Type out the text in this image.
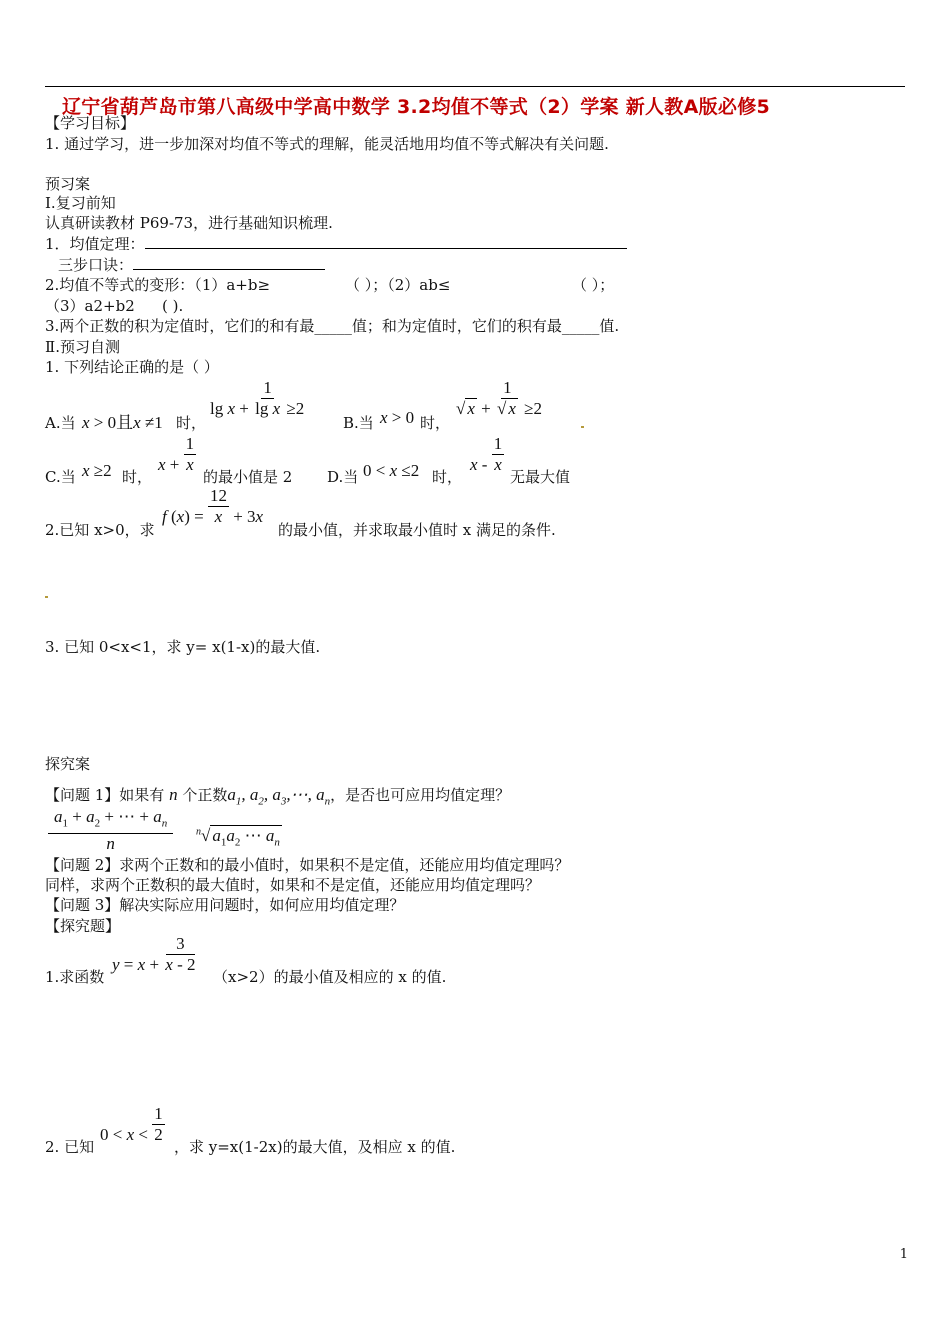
辽宁省葫芦岛市第八高级中学高中数学 3.2均值不等式（2）学案 新人教A版必修5
【学习目标】
1. 通过学习，进一步加深对均值不等式的理解，能灵活地用均值不等式解决有关问题.
预习案
Ⅰ.复习前知
认真研读教材 P69-73，进行基础知识梳理.
1．均值定理：
三步口诀：
2.均值不等式的变形：（1）a+b≥	（ ）；（2）ab≤	（ ）；
（3）a2+b2 ( ).
3.两个正数的积为定值时，它们的和有最_____值；和为定值时，它们的积有最_____值.
Ⅱ.预习自测
1. 下列结论正确的是（ ）
A.当 x > 0且x ≠1 时，
$\lg x + \frac{1}{\text{lg x}} \ge 2$
B.当 x > 0 时，
√ $x + \frac{1}{√ x} \ge 2$
C.当 x ≥2 时，
$x + \frac{1}{x}$
的最小值是 2 D.当 0 < x ≤2 时，
x - $\frac{1}{x}$
无最大值
2.已知 x>0，求
f $(x) = \frac{12}{x} + 3x$
的最小值，并求取最小值时 x 满足的条件.
3. 已知 0<x<1，求 y= x(1-x)的最大值.
探究案
【问题 1】如果有 n 个正数$a_1$, $a_2$, $a_3,\cdots$, $a_n$，是否也可应用均值定理？
$\frac{a_1 + a_2 + \cdots + a_n}{n} ^n√$ $a_1a_2$ ⋯ $a_n$
【问题 2】求两个正数和的最小值时，如果积不是定值，还能应用均值定理吗？
同样，求两个正数积的最大值时，如果和不是定值，还能应用均值定理吗？
【问题 3】解决实际应用问题时，如何应用均值定理？
【探究题】
1.求函数
$y = x + \frac{3}{x - 2}$
（x>2）的最小值及相应的 x 的值.
2. 已知
$0 < x < \frac{1}{2}$
，求 y=x(1-2x)的最大值，及相应 x 的值.
1
